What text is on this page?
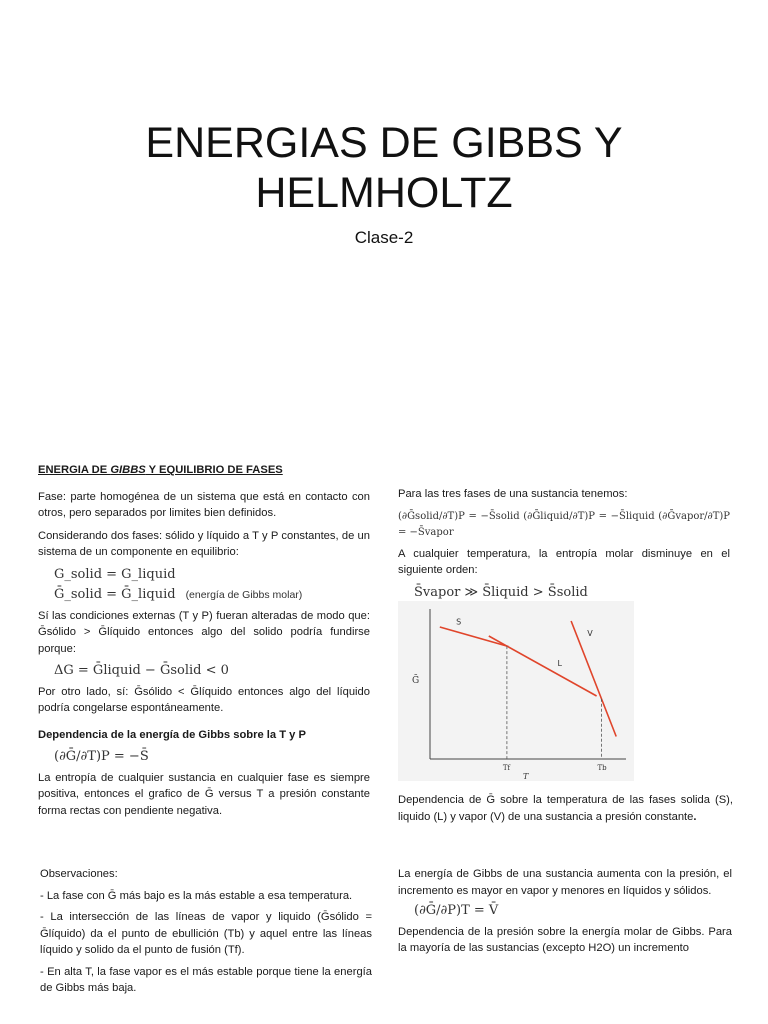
ENERGIAS DE GIBBS Y
HELMHOLTZ
Clase-2

ENERGIA DE GIBBS Y EQUILIBRIO DE FASES

Fase: parte homogénea de un sistema que está en contacto con otros, pero separados por limites bien definidos.

Considerando dos fases: sólido y líquido a T y P constantes, de un sistema de un componente en equilibrio:

G_solid = G_liquid
Ḡ_solid = Ḡ_liquid (energía de Gibbs molar)

Sí las condiciones externas (T y P) fueran alteradas de modo que: Ḡsólido > Ḡlíquido entonces algo del solido podría fundirse porque:

ΔG = Ḡliquid − Ḡsolid < 0

Por otro lado, sí: Ḡsólido < Ḡlíquido entonces algo del líquido podría congelarse espontáneamente.

Dependencia de la energía de Gibbs sobre la T y P

(∂Ḡ/∂T)P = −S̄

La entropía de cualquier sustancia en cualquier fase es siempre positiva, entonces el grafico de Ḡ versus T a presión constante forma rectas con pendiente negativa.

Para las tres fases de una sustancia tenemos:

(∂Ḡsolid/∂T)P = −S̄solid (∂Ḡliquid/∂T)P = −S̄liquid (∂Ḡvapor/∂T)P = −S̄vapor

A cualquier temperatura, la entropía molar disminuye en el siguiente orden:

S̄vapor ≫ S̄liquid > S̄solid
Ḡ
T
S
L
V
Tf	Tb
Dependencia de Ḡ sobre la temperatura de las fases solida (S), liquido (L) y vapor (V) de una sustancia a presión constante.

Observaciones:

- La fase con Ḡ más bajo es la más estable a esa temperatura.

- La intersección de las líneas de vapor y liquido (Ḡsólido = Ḡlíquido) da el punto de ebullición (Tb) y aquel entre las líneas líquido y solido da el punto de fusión (Tf).

- En alta T, la fase vapor es el más estable porque tiene la energía de Gibbs más baja.

La energía de Gibbs de una sustancia aumenta con la presión, el incremento es mayor en vapor y menores en líquidos y sólidos.

(∂Ḡ/∂P)T = V̄

Dependencia de la presión sobre la energía molar de Gibbs. Para la mayoría de las sustancias (excepto H2O) un incremento
